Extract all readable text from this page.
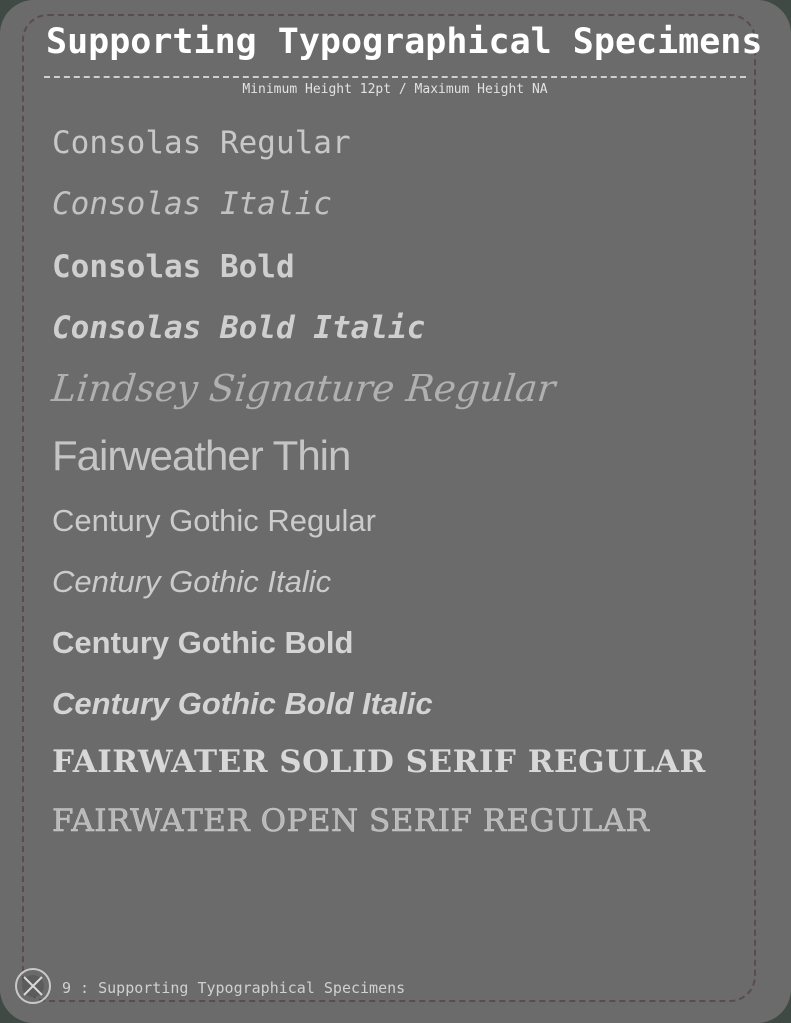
Supporting Typographical Specimens
Minimum Height 12pt / Maximum Height NA
Consolas Regular
Consolas Italic
Consolas Bold
Consolas Bold Italic
Lindsey Signature Regular
Fairweather Thin
Century Gothic Regular
Century Gothic Italic
Century Gothic Bold
Century Gothic Bold Italic
FAIRWATER SOLID SERIF REGULAR
FAIRWATER OPEN SERIF REGULAR
9 : Supporting Typographical Specimens
